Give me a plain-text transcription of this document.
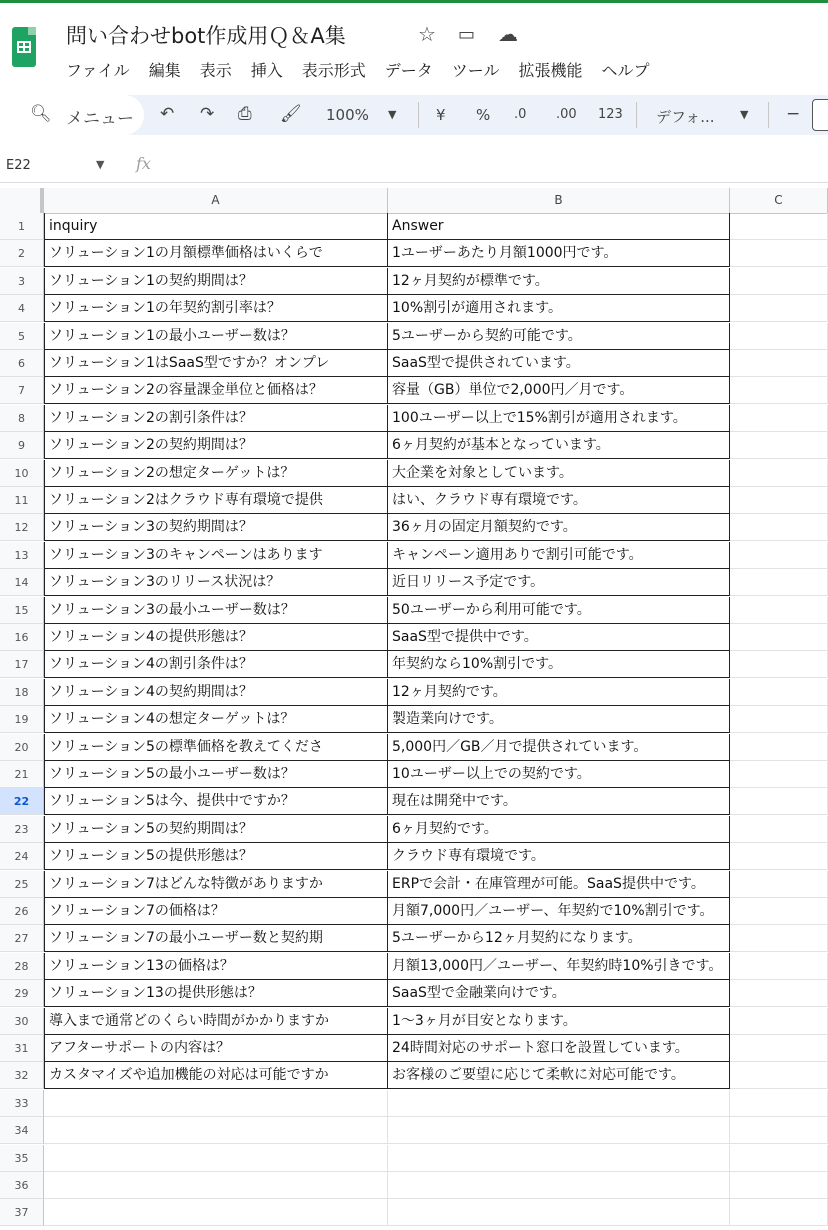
問い合わせbot作成用Ｑ＆A集	☆ ▭ ☁
ファイル 編集 表示 挿入 表示形式 データ ツール 拡張機能 ヘルプ
🔍︎ メニュー ↶ ↷ ⎙ 🖌︎ 100% ▼	¥ % .0 .00 123 デフォ... ▼ −
E22	▼ fx
A	B	C
1	inquiry	Answer
2	ソリューション1の月額標準価格はいくらで	1ユーザーあたり月額1000円です。
3	ソリューション1の契約期間は？	12ヶ月契約が標準です。
4	ソリューション1の年契約割引率は？	10%割引が適用されます。
5	ソリューション1の最小ユーザー数は？	5ユーザーから契約可能です。
6	ソリューション1はSaaS型ですか？オンプレ	SaaS型で提供されています。
7	ソリューション2の容量課金単位と価格は？	容量（GB）単位で2,000円／月です。
8	ソリューション2の割引条件は？	100ユーザー以上で15%割引が適用されます。
9	ソリューション2の契約期間は？	6ヶ月契約が基本となっています。
10	ソリューション2の想定ターゲットは？	大企業を対象としています。
11	ソリューション2はクラウド専有環境で提供	はい、クラウド専有環境です。
12	ソリューション3の契約期間は？	36ヶ月の固定月額契約です。
13	ソリューション3のキャンペーンはあります	キャンペーン適用ありで割引可能です。
14	ソリューション3のリリース状況は？	近日リリース予定です。
15	ソリューション3の最小ユーザー数は？	50ユーザーから利用可能です。
16	ソリューション4の提供形態は？	SaaS型で提供中です。
17	ソリューション4の割引条件は？	年契約なら10%割引です。
18	ソリューション4の契約期間は？	12ヶ月契約です。
19	ソリューション4の想定ターゲットは？	製造業向けです。
20	ソリューション5の標準価格を教えてくださ	5,000円／GB／月で提供されています。
21	ソリューション5の最小ユーザー数は？	10ユーザー以上での契約です。
22	ソリューション5は今、提供中ですか？	現在は開発中です。
23	ソリューション5の契約期間は？	6ヶ月契約です。
24	ソリューション5の提供形態は？	クラウド専有環境です。
25	ソリューション7はどんな特徴がありますか	ERPで会計・在庫管理が可能。SaaS提供中です。
26	ソリューション7の価格は？	月額7,000円／ユーザー、年契約で10%割引です。
27	ソリューション7の最小ユーザー数と契約期	5ユーザーから12ヶ月契約になります。
28	ソリューション13の価格は？	月額13,000円／ユーザー、年契約時10%引きです。
29	ソリューション13の提供形態は？	SaaS型で金融業向けです。
30	導入まで通常どのくらい時間がかかりますか	1〜3ヶ月が目安となります。
31	アフターサポートの内容は？	24時間対応のサポート窓口を設置しています。
32	カスタマイズや追加機能の対応は可能ですか	お客様のご要望に応じて柔軟に対応可能です。
33
34
35
36
37
